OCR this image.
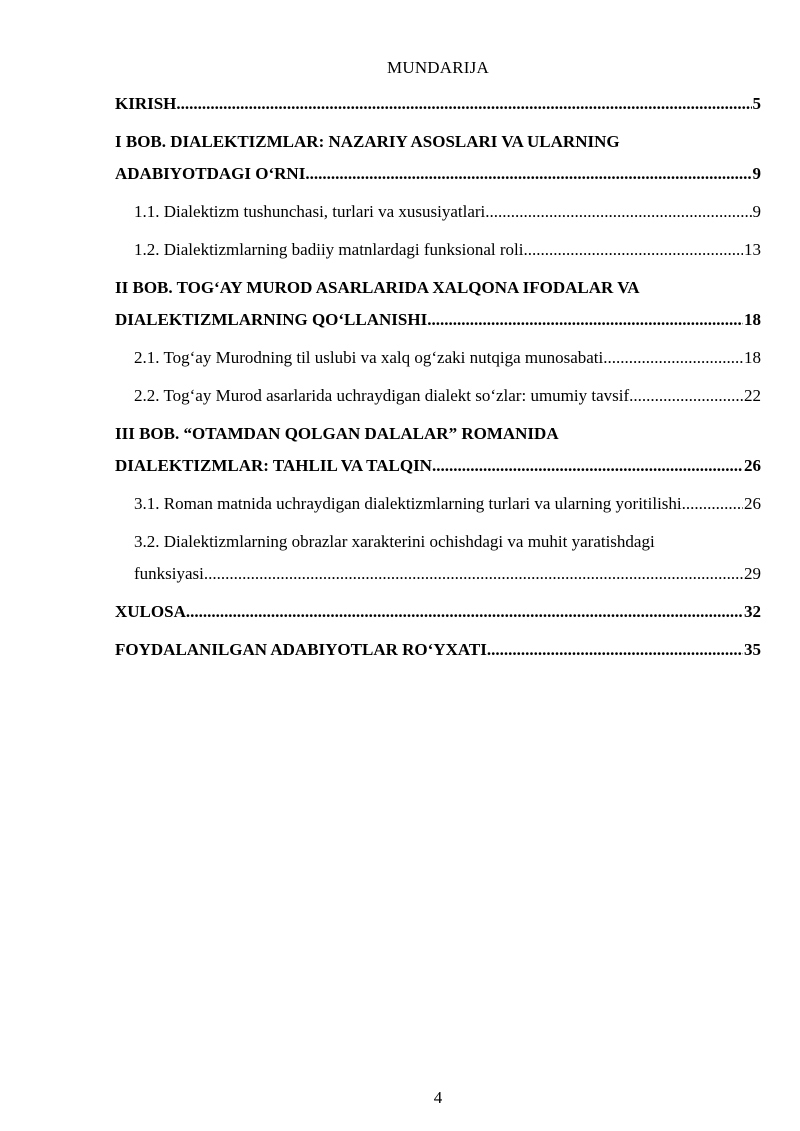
MUNDARIJA
KIRISH .....	5
I BOB. DIALEKTIZMLAR: NAZARIY ASOSLARI VA ULARNING
ADABIYOTDAGI O‘RNI .....	9
1.1. Dialektizm tushunchasi, turlari va xususiyatlari .....	9
1.2. Dialektizmlarning badiiy matnlardagi funksional roli .....	13
II BOB. TOG‘AY MUROD ASARLARIDA XALQONA IFODALAR VA
DIALEKTIZMLARNING QO‘LLANISHI .....	18
2.1. Tog‘ay Murodning til uslubi va xalq og‘zaki nutqiga munosabati .....	18
2.2. Tog‘ay Murod asarlarida uchraydigan dialekt so‘zlar: umumiy tavsif .....	22
III BOB. “OTAMDAN QOLGAN DALALAR” ROMANIDA
DIALEKTIZMLAR: TAHLIL VA TALQIN .....	26
3.1. Roman matnida uchraydigan dialektizmlarning turlari va ularning yoritilishi .....	26
3.2. Dialektizmlarning obrazlar xarakterini ochishdagi va muhit yaratishdagi
funksiyasi .....	29
XULOSA .....	32
FOYDALANILGAN ADABIYOTLAR RO‘YXATI .....	35
4
